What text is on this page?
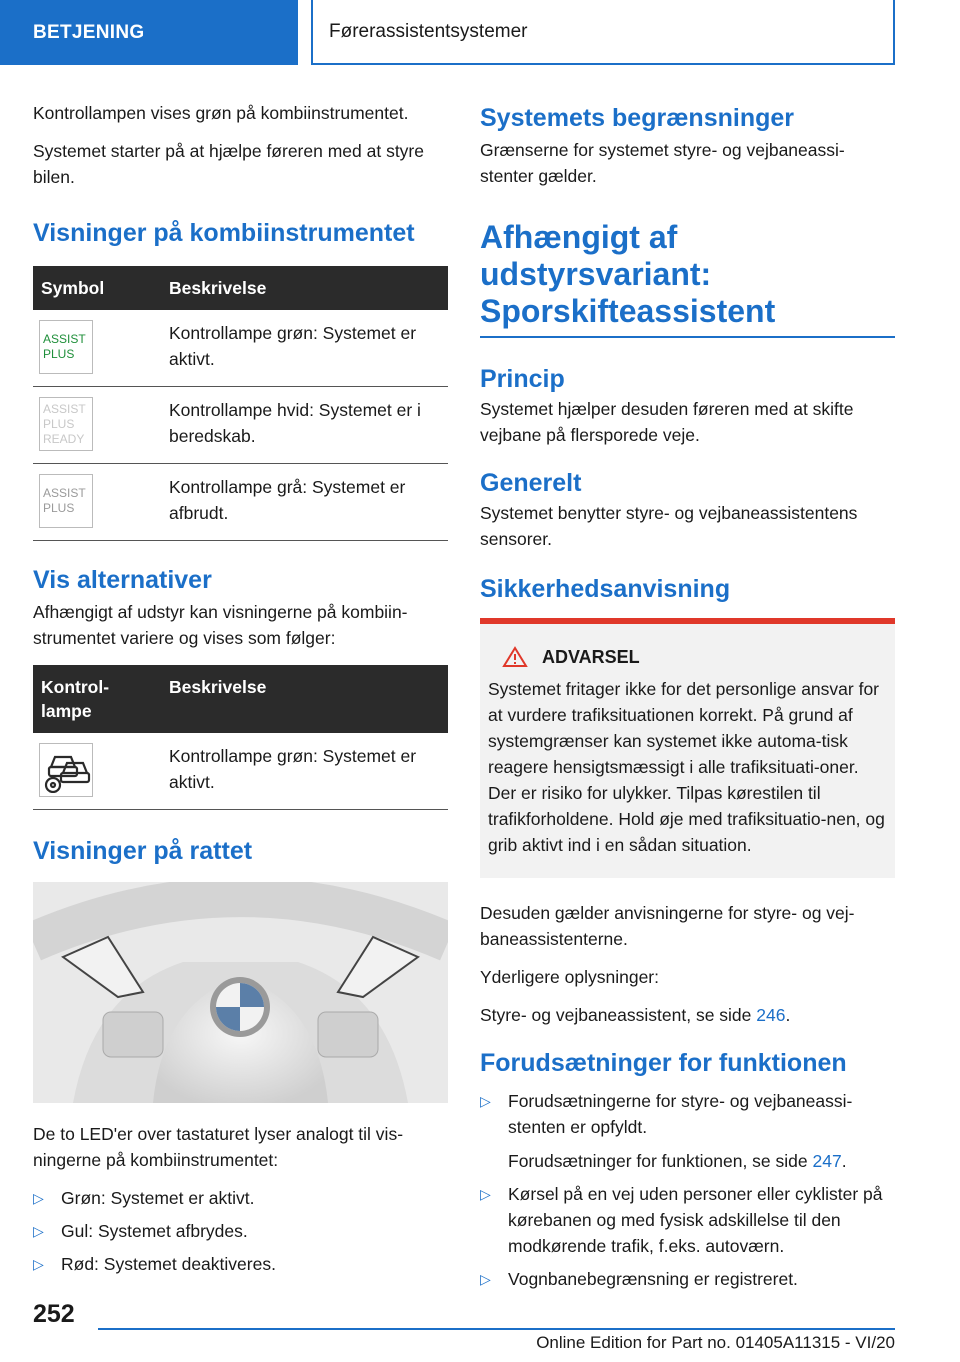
BETJENING	Førerassistentsystemer

Kontrollampen vises grøn på kombiinstrumentet.

Systemet starter på at hjælpe føreren med at styre bilen.

Visninger på kombiinstrumentet
Symbol	Beskrivelse

ASSIST
PLUS	Kontrollampe grøn: Systemet er aktivt.

ASSIST
PLUS
READY	Kontrollampe hvid: Systemet er i beredskab.

ASSIST
PLUS	Kontrollampe grå: Systemet er afbrudt.
Vis alternativer

Afhængigt af udstyr kan visningerne på kombiin-strumentet variere og vises som følger:

Kontrol-lampe	Beskrivelse

	Kontrollampe grøn: Systemet er aktivt.
Visninger på rattet

De to LED'er over tastaturet lyser analogt til vis-ningerne på kombiinstrumentet:

▷ Grøn: Systemet er aktivt.
▷ Gul: Systemet afbrydes.
▷ Rød: Systemet deaktiveres.
Systemets begrænsninger

Grænserne for systemet styre- og vejbaneassi-stenter gælder.

Afhængigt af udstyrsvariant: Sporskifteassistent
Princip

Systemet hjælper desuden føreren med at skifte vejbane på flersporede veje.

Generelt

Systemet benytter styre- og vejbaneassistentens sensorer.

Sikkerhedsanvisning
ADVARSEL

Systemet fritager ikke for det personlige ansvar for at vurdere trafiksituationen korrekt. På grund af systemgrænser kan systemet ikke automa-tisk reagere hensigtsmæssigt i alle trafiksituati-oner. Der er risiko for ulykker. Tilpas kørestilen til trafikforholdene. Hold øje med trafiksituatio-nen, og grib aktivt ind i en sådan situation.

Desuden gælder anvisningerne for styre- og vej-baneassistenterne.

Yderligere oplysninger:

Styre- og vejbaneassistent, se side 246.

Forudsætninger for funktionen
▷ Forudsætningerne for styre- og vejbaneassi-stenten er opfyldt.
Forudsætninger for funktionen, se side 247.
▷ Kørsel på en vej uden personer eller cyklister på kørebanen og med fysisk adskillelse til den modkørende trafik, f.eks. autoværn.
▷ Vognbanebegrænsning er registreret.
252
Online Edition for Part no. 01405A11315 - VI/20
